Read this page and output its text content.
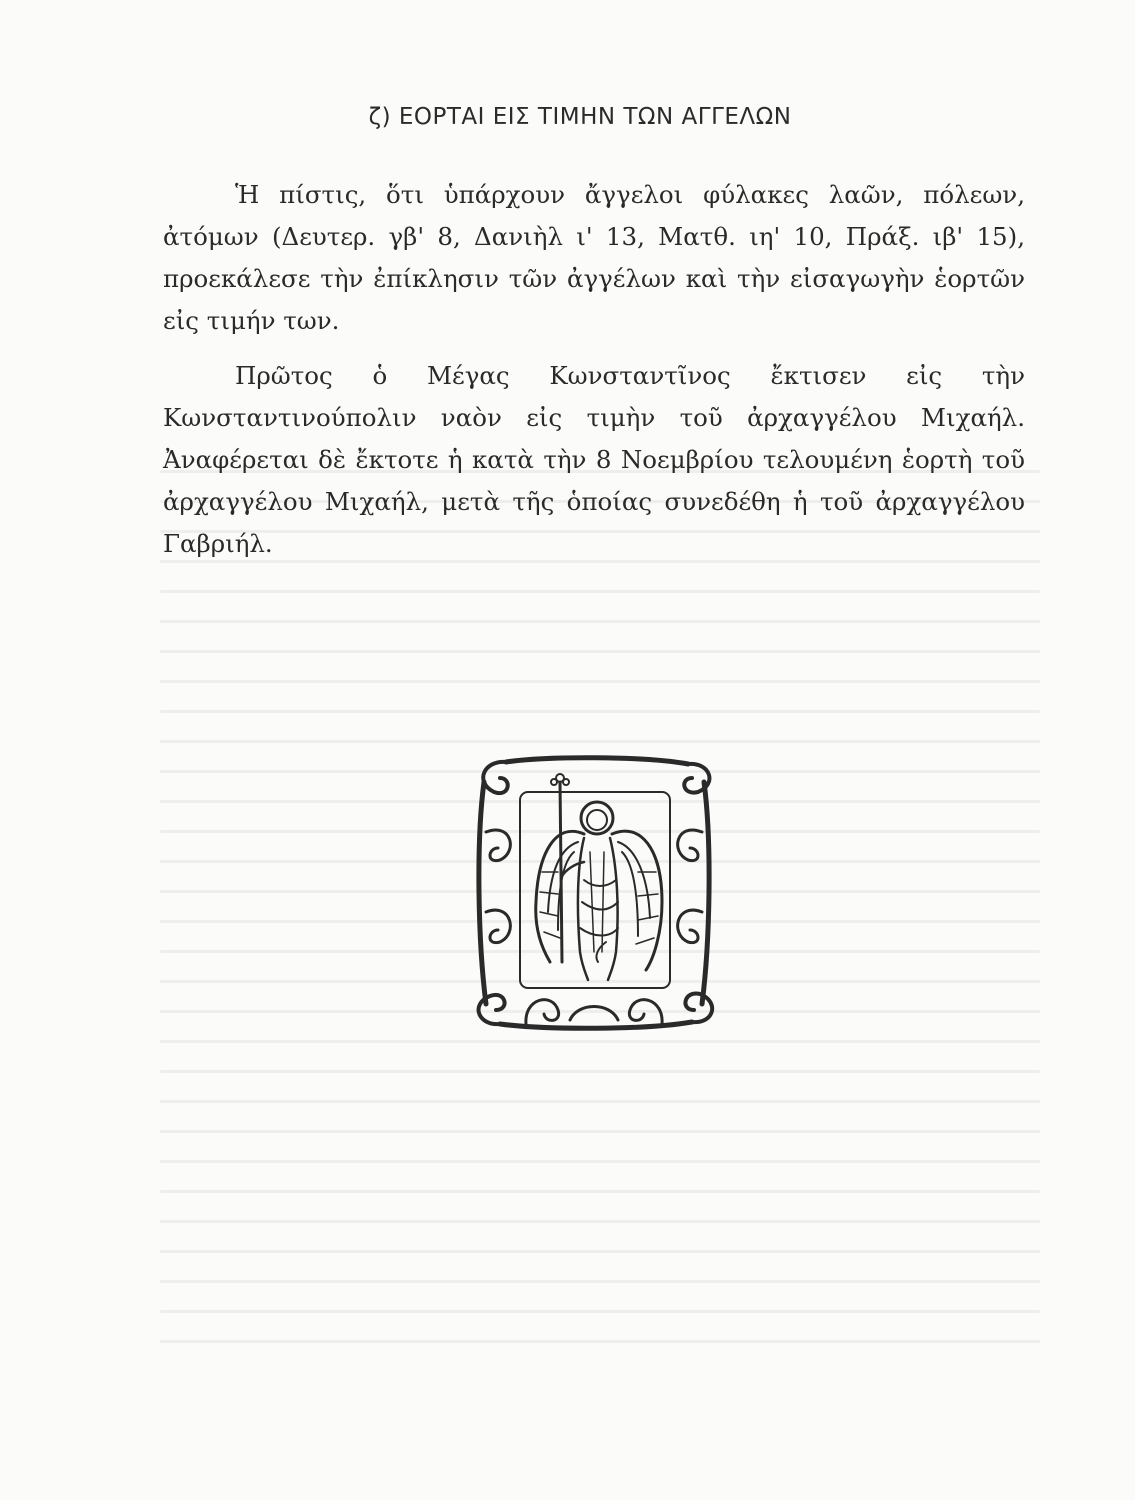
ζ) ΕΟΡΤΑΙ ΕΙΣ ΤΙΜΗΝ ΤΩΝ ΑΓΓΕΛΩΝ

Ἡ πίστις, ὅτι ὑπάρχουν ἄγγελοι φύλακες λαῶν, πόλεων, ἀτόμων (Δευτερ. γβ' 8, Δανιὴλ ι' 13, Ματθ. ιη' 10, Πράξ. ιβ' 15), προεκάλεσε τὴν ἐπίκλησιν τῶν ἀγγέλων καὶ τὴν εἰσαγωγὴν ἑορτῶν εἰς τιμήν των.

Πρῶτος ὁ Μέγας Κωνσταντῖνος ἔκτισεν εἰς τὴν Κωνσταντινούπολιν ναὸν εἰς τιμὴν τοῦ ἀρχαγγέλου Μιχαήλ. Ἀναφέρεται δὲ ἔκτοτε ἡ κατὰ τὴν 8 Νοεμβρίου τελουμένη ἑορτὴ τοῦ ἀρχαγγέλου Μιχαήλ, μετὰ τῆς ὁποίας συνεδέθη ἡ τοῦ ἀρχαγγέλου Γαβριήλ.
